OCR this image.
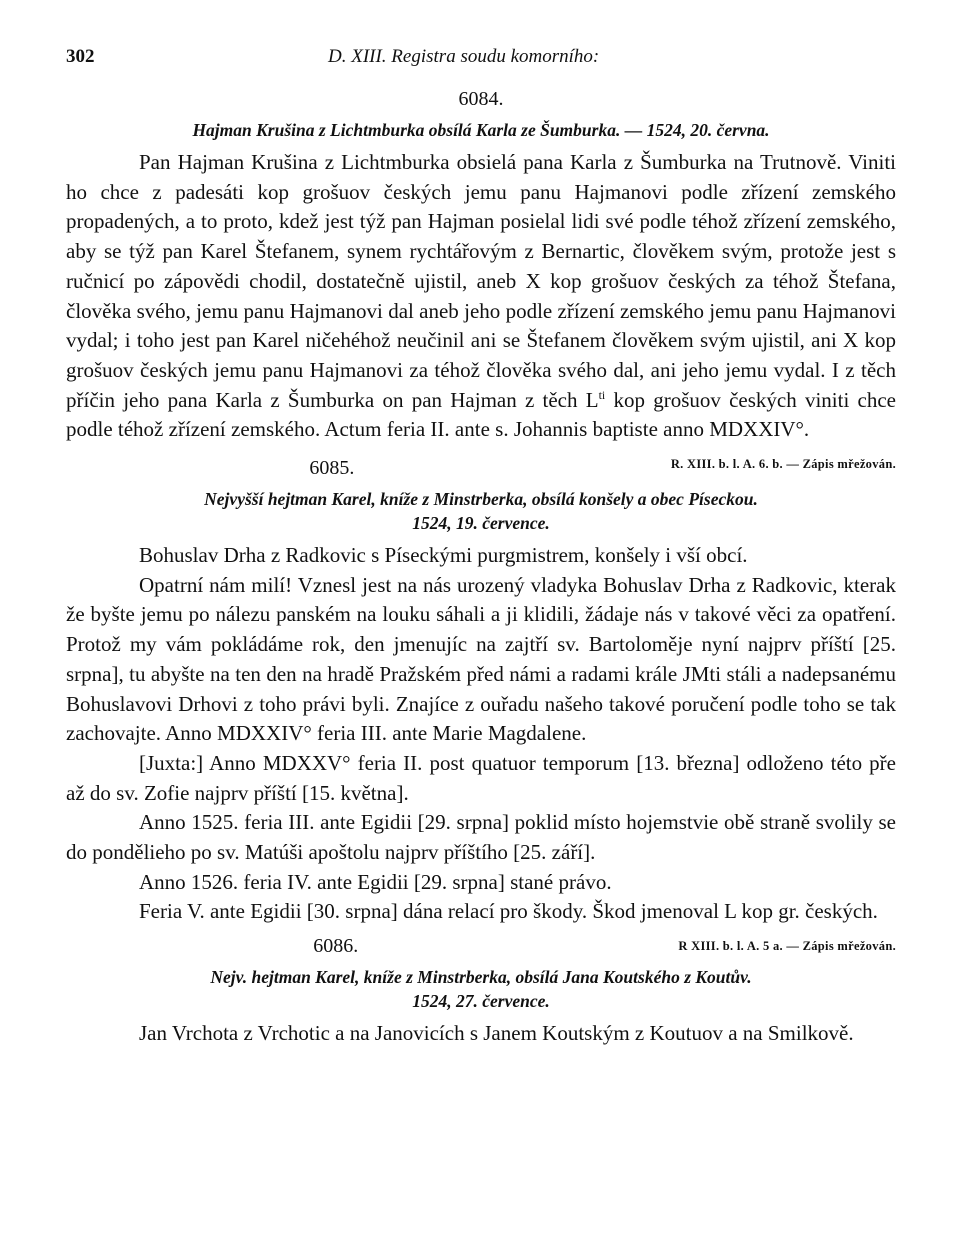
302	D. XIII. Registra soudu komorního:

6084.

Hajman Krušina z Lichtmburka obsílá Karla ze Šumburka. — 1524, 20. června.

Pan Hajman Krušina z Lichtmburka obsielá pana Karla z Šumburka na Trutnově. Viniti ho chce z padesáti kop grošuov českých jemu panu Hajmanovi podle zřízení zemského propadených, a to proto, kdež jest týž pan Hajman posielal lidi své podle téhož zřízení zemského, aby se týž pan Karel Štefanem, synem rychtářovým z Bernartic, člověkem svým, protože jest s ručnicí po zápovědi chodil, dostatečně ujistil, aneb X kop grošuov českých za téhož Štefana, člověka svého, jemu panu Hajmanovi dal aneb jeho podle zřízení zemského jemu panu Hajmanovi vydal; i toho jest pan Karel ničehéhož neučinil ani se Štefanem člověkem svým ujistil, ani X kop grošuov českých jemu panu Hajmanovi za téhož člověka svého dal, ani jeho jemu vydal. I z těch příčin jeho pana Karla z Šumburka on pan Hajman z těch $L^{ti}$ kop grošuov českých viniti chce podle téhož zřízení zemského. Actum feria II. ante s. Johannis baptiste anno MDXXIV°.
R. XIII. b. l. A. 6. b. — Zápis mřežován.

6085.

Nejvyšší hejtman Karel, kníže z Minstrberka, obsílá konšely a obec Píseckou.

1524, 19. července.

Bohuslav Drha z Radkovic s Píseckými purgmistrem, konšely i vší obcí.

Opatrní nám milí! Vznesl jest na nás urozený vladyka Bohuslav Drha z Radkovic, kterak že byšte jemu po nálezu panském na louku sáhali a ji klidili, žádaje nás v takové věci za opatření. Protož my vám pokládáme rok, den jmenujíc na zajtří sv. Bartoloměje nyní najprv příští [25. srpna], tu abyšte na ten den na hradě Pražském před námi a radami krále JMti stáli a nadepsanému Bohuslavovi Drhovi z toho právi byli. Znajíce z ouřadu našeho takové poručení podle toho se tak zachovajte. Anno MDXXIV° feria III. ante Marie Magdalene.

[Juxta:] Anno MDXXV° feria II. post quatuor temporum [13. března] odloženo této pře až do sv. Zofie najprv příští [15. května].

Anno 1525. feria III. ante Egidii [29. srpna] poklid místo hojemstvie obě straně svolily se do pondělieho po sv. Matúši apoštolu najprv příštího [25. září].

Anno 1526. feria IV. ante Egidii [29. srpna] stané právo.

Feria V. ante Egidii [30. srpna] dána relací pro škody. Škod jmenoval L kop gr. českých.
R XIII. b. l. A. 5 a. — Zápis mřežován.

6086.

Nejv. hejtman Karel, kníže z Minstrberka, obsílá Jana Koutského z Koutův.

1524, 27. července.

Jan Vrchota z Vrchotic a na Janovicích s Janem Koutským z Koutuov a na Smilkově.
